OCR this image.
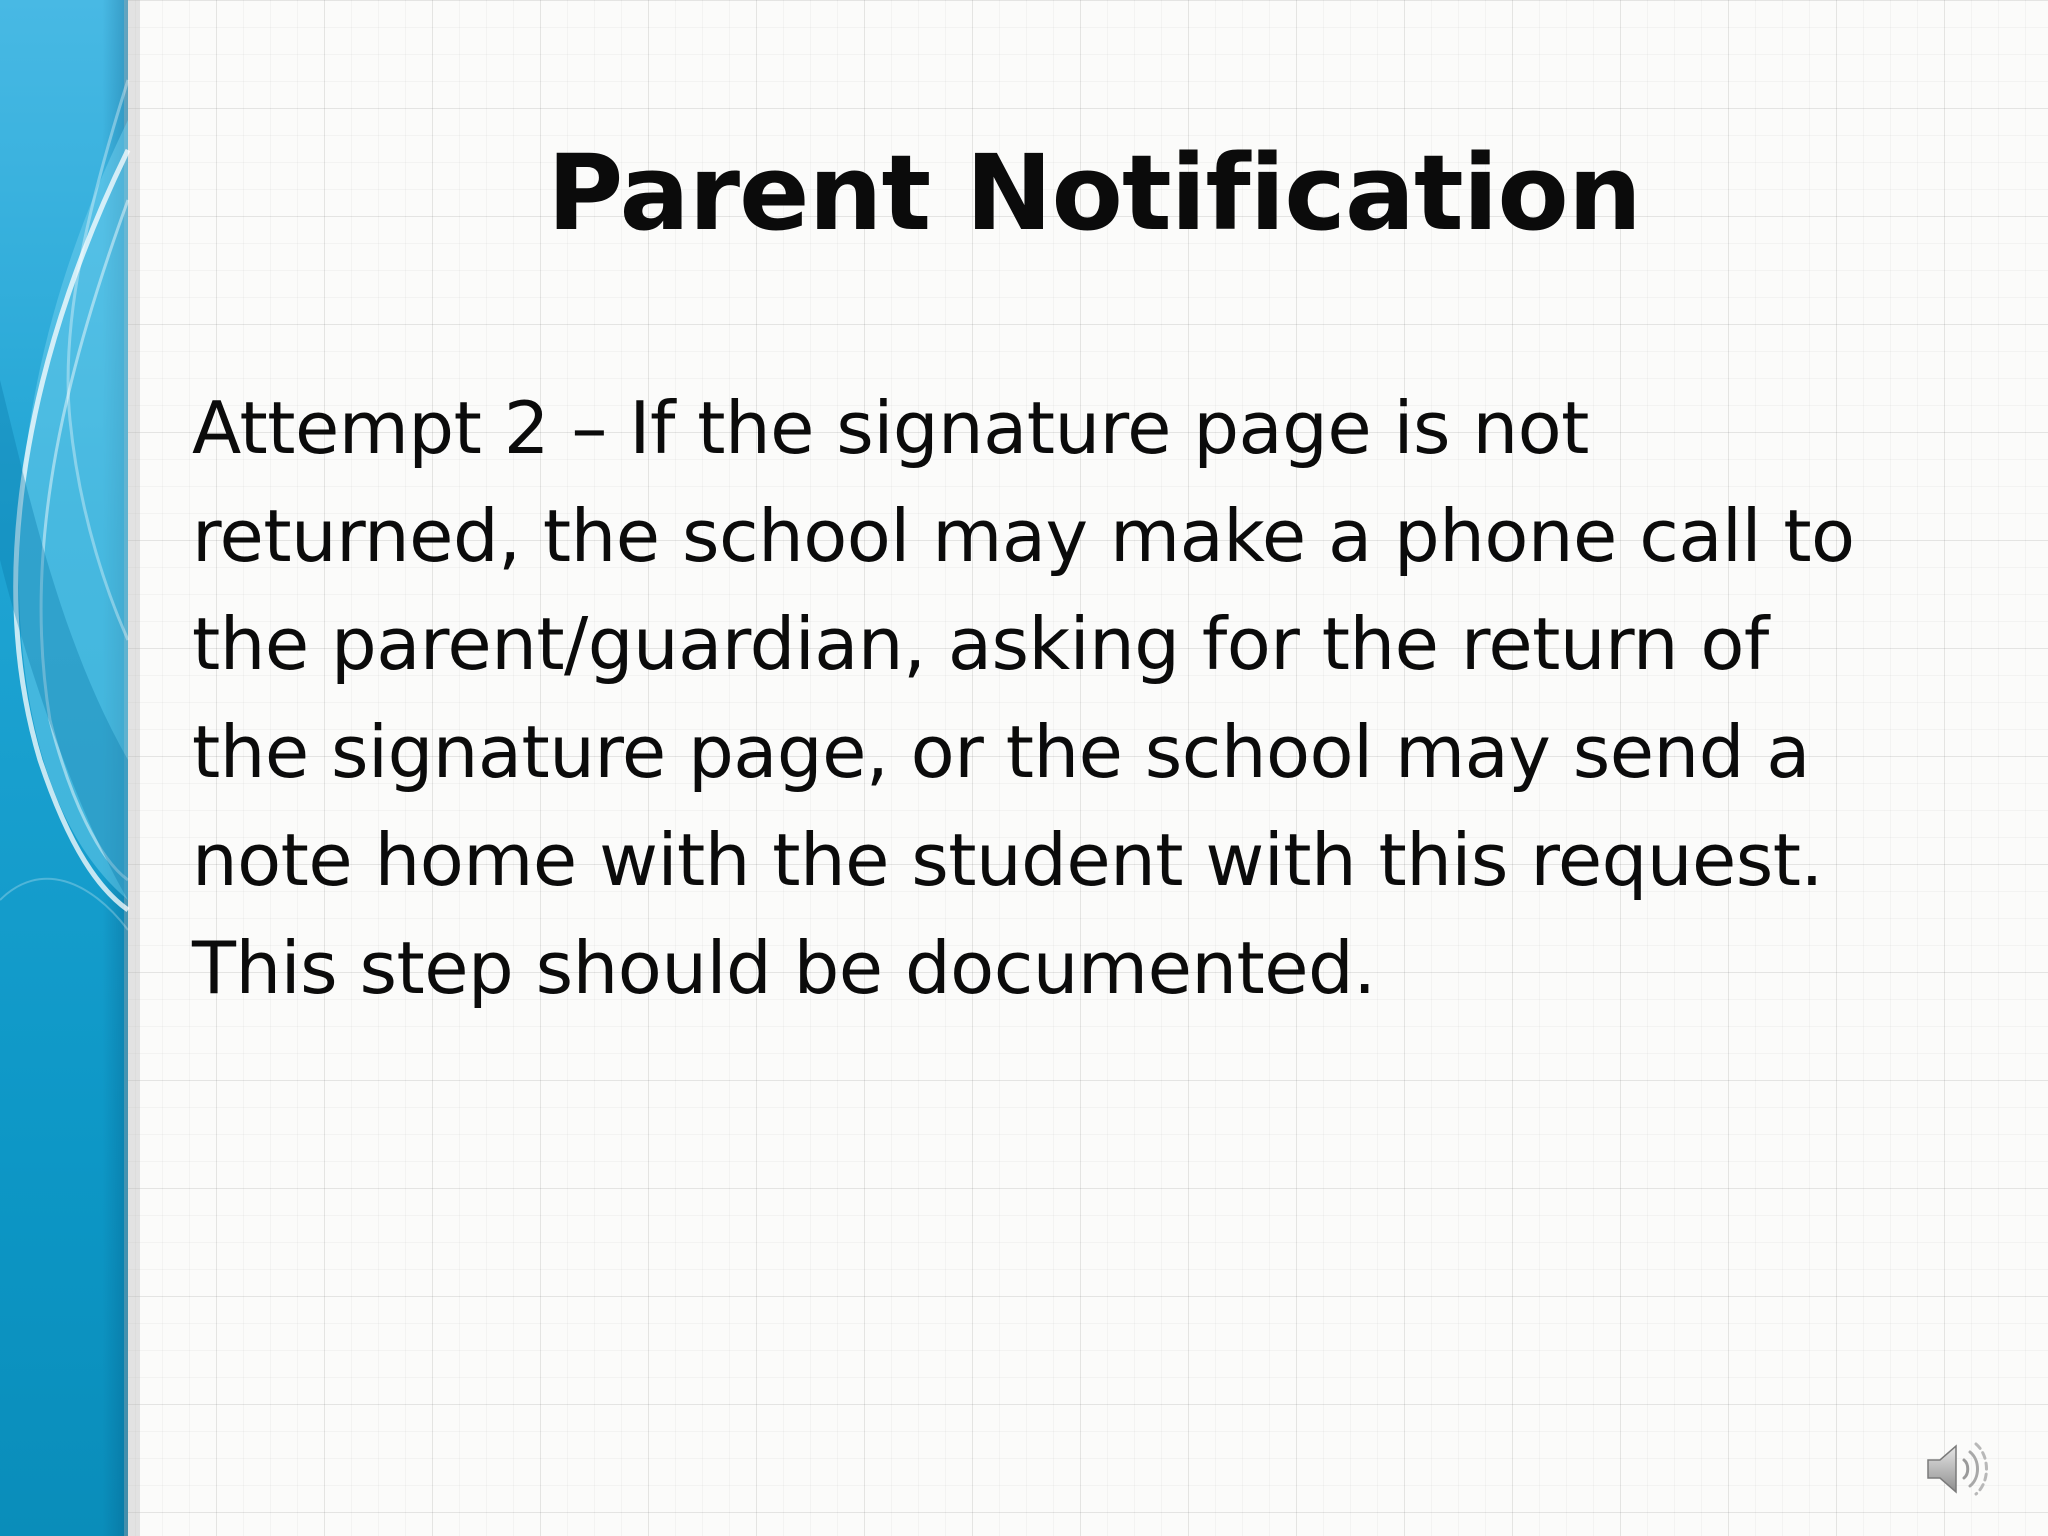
Parent Notification
Attempt 2 – If the signature page is not
returned, the school may make a phone call to
the parent/guardian, asking for the return of
the signature page, or the school may send a
note home with the student with this request.
This step should be documented.
